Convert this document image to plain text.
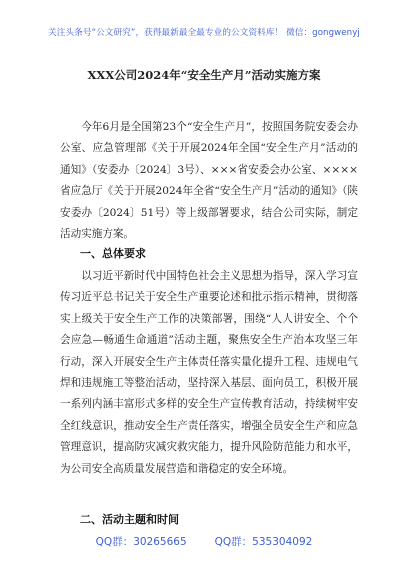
关注头条号“公文研究”，获得最新最全最专业的公文资料库！ 微信：gongwenyj
XXX公司2024年“安全生产月”活动实施方案

今年6月是全国第23个“安全生产月”，按照国务院安委会办公室、应急管理部《关于开展2024年全国“安全生产月”活动的通知》（安委办〔2024〕3号）、×××省安委会办公室、××××省应急厅《关于开展2024年全省“安全生产月”活动的通知》（陕安委办〔2024〕51号）等上级部署要求，结合公司实际，制定活动实施方案。

一、总体要求

以习近平新时代中国特色社会主义思想为指导，深入学习宣传习近平总书记关于安全生产重要论述和批示指示精神，贯彻落实上级关于安全生产工作的决策部署，围绕“人人讲安全、个个会应急—畅通生命通道”活动主题，聚焦安全生产治本攻坚三年行动，深入开展安全生产主体责任落实量化提升工程、违规电气焊和违规施工等整治活动，坚持深入基层、面向员工，积极开展一系列内涵丰富形式多样的安全生产宣传教育活动，持续树牢安全红线意识，推动安全生产责任落实，增强全员安全生产和应急管理意识，提高防灾减灾救灾能力，提升风险防范能力和水平，为公司安全高质量发展营造和谐稳定的安全环境。

二、活动主题和时间
QQ群：30265665	QQ群：535304092
